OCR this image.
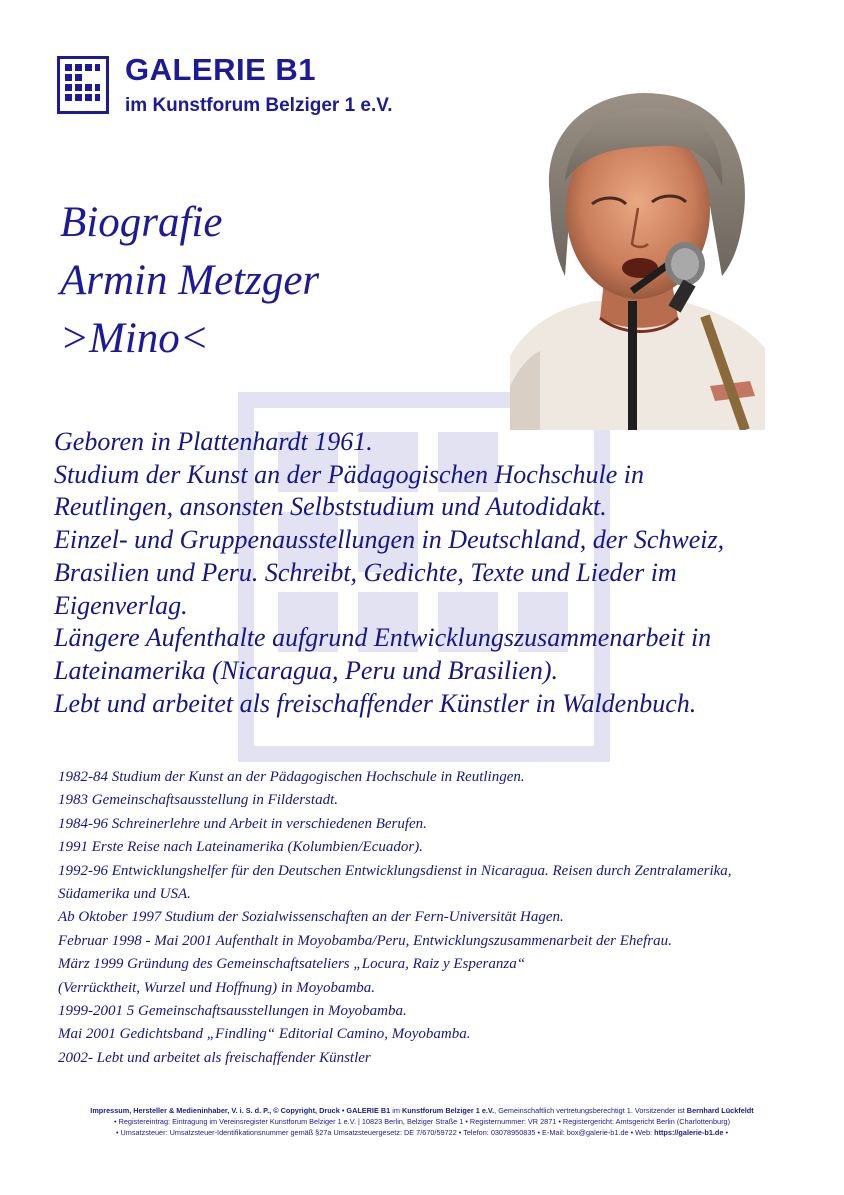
GALERIE B1
im Kunstforum Belziger 1 e.V.
Biografie
Armin Metzger
>Mino<
Geboren in Plattenhardt 1961.
Studium der Kunst an der Pädagogischen Hochschule in
Reutlingen, ansonsten Selbststudium und Autodidakt.
Einzel- und Gruppenausstellungen in Deutschland, der Schweiz,
Brasilien und Peru. Schreibt, Gedichte, Texte und Lieder im
Eigenverlag.
Längere Aufenthalte aufgrund Entwicklungszusammenarbeit in
Lateinamerika (Nicaragua, Peru und Brasilien).
Lebt und arbeitet als freischaffender Künstler in Waldenbuch.
1982-84 Studium der Kunst an der Pädagogischen Hochschule in Reutlingen.
1983 Gemeinschaftsausstellung in Filderstadt.
1984-96 Schreinerlehre und Arbeit in verschiedenen Berufen.
1991 Erste Reise nach Lateinamerika (Kolumbien/Ecuador).
1992-96 Entwicklungshelfer für den Deutschen Entwicklungsdienst in Nicaragua. Reisen durch Zentralamerika,
Südamerika und USA.
Ab Oktober 1997 Studium der Sozialwissenschaften an der Fern-Universität Hagen.
Februar 1998 - Mai 2001 Aufenthalt in Moyobamba/Peru, Entwicklungszusammenarbeit der Ehefrau.
März 1999 Gründung des Gemeinschaftsateliers „Locura, Raiz y Esperanza“
(Verrücktheit, Wurzel und Hoffnung) in Moyobamba.
1999-2001 5 Gemeinschaftsausstellungen in Moyobamba.
Mai 2001 Gedichtsband „Findling“ Editorial Camino, Moyobamba.
2002- Lebt und arbeitet als freischaffender Künstler
Impressum, Hersteller & Medieninhaber, V. i. S. d. P., © Copyright, Druck • GALERIE B1 im Kunstforum Belziger 1 e.V., Gemeinschaftlich vertretungsberechtigt 1. Vorsitzender ist Bernhard Lückfeldt
• Registereintrag: Eintragung im Vereinsregister Kunstforum Belziger 1 e.V. | 10823 Berlin, Belziger Straße 1 • Registernummer: VR 2871 • Registergericht: Amtsgericht Berlin (Charlottenburg)
• Umsatzsteuer: Umsatzsteuer-Identifikationsnummer gemäß §27a Umsatzsteuergesetz: DE 7/670/59722 • Telefon: 03078950835 • E-Mail: box@galerie-b1.de • Web: https://galerie-b1.de •
